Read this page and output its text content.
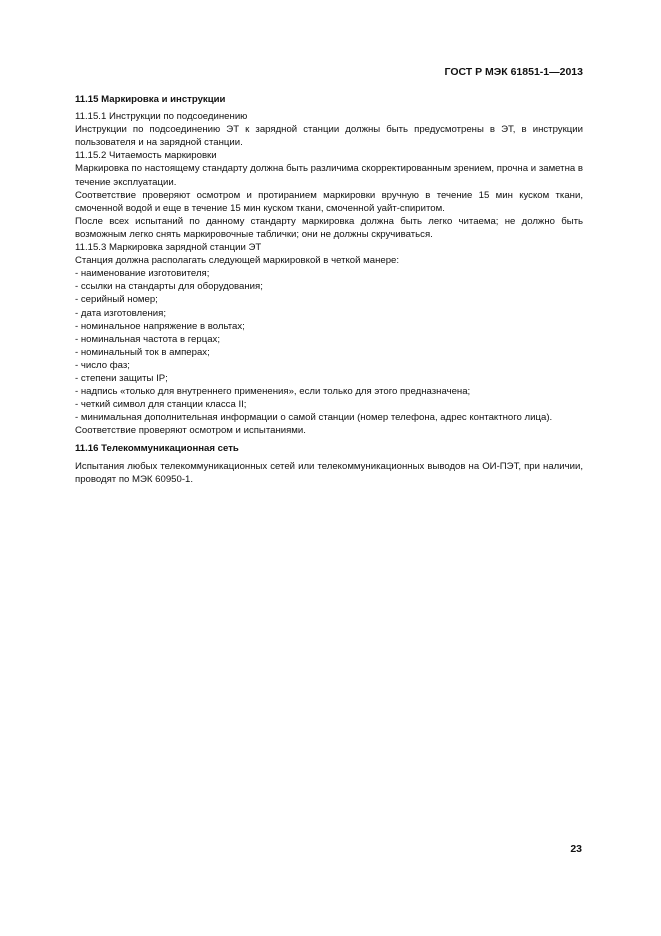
ГОСТ Р МЭК 61851-1—2013
11.15 Маркировка и инструкции
11.15.1 Инструкции по подсоединению
Инструкции по подсоединению ЭТ к зарядной станции должны быть предусмотрены в ЭТ, в инструкции пользователя и на зарядной станции.
11.15.2 Читаемость маркировки
Маркировка по настоящему стандарту должна быть различима скорректированным зрением, прочна и заметна в течение эксплуатации.
Соответствие проверяют осмотром и протиранием маркировки вручную в течение 15 мин куском ткани, смоченной водой и еще в течение 15 мин куском ткани, смоченной уайт-спиритом.
После всех испытаний по данному стандарту маркировка должна быть легко читаема; не должно быть возможным легко снять маркировочные таблички; они не должны скручиваться.
11.15.3 Маркировка зарядной станции ЭТ
Станция должна располагать следующей маркировкой в четкой манере:
- наименование изготовителя;
- ссылки на стандарты для оборудования;
- серийный номер;
- дата изготовления;
- номинальное напряжение в вольтах;
- номинальная частота в герцах;
- номинальный ток в амперах;
- число фаз;
- степени защиты IP;
- надпись «только для внутреннего применения», если только для этого предназначена;
- четкий символ для станции класса II;
- минимальная дополнительная информации о самой станции (номер телефона, адрес контактного лица).
Соответствие проверяют осмотром и испытаниями.
11.16 Телекоммуникационная сеть
Испытания любых телекоммуникационных сетей или телекоммуникационных выводов на ОИ-ПЭТ, при наличии, проводят по МЭК 60950-1.
23
